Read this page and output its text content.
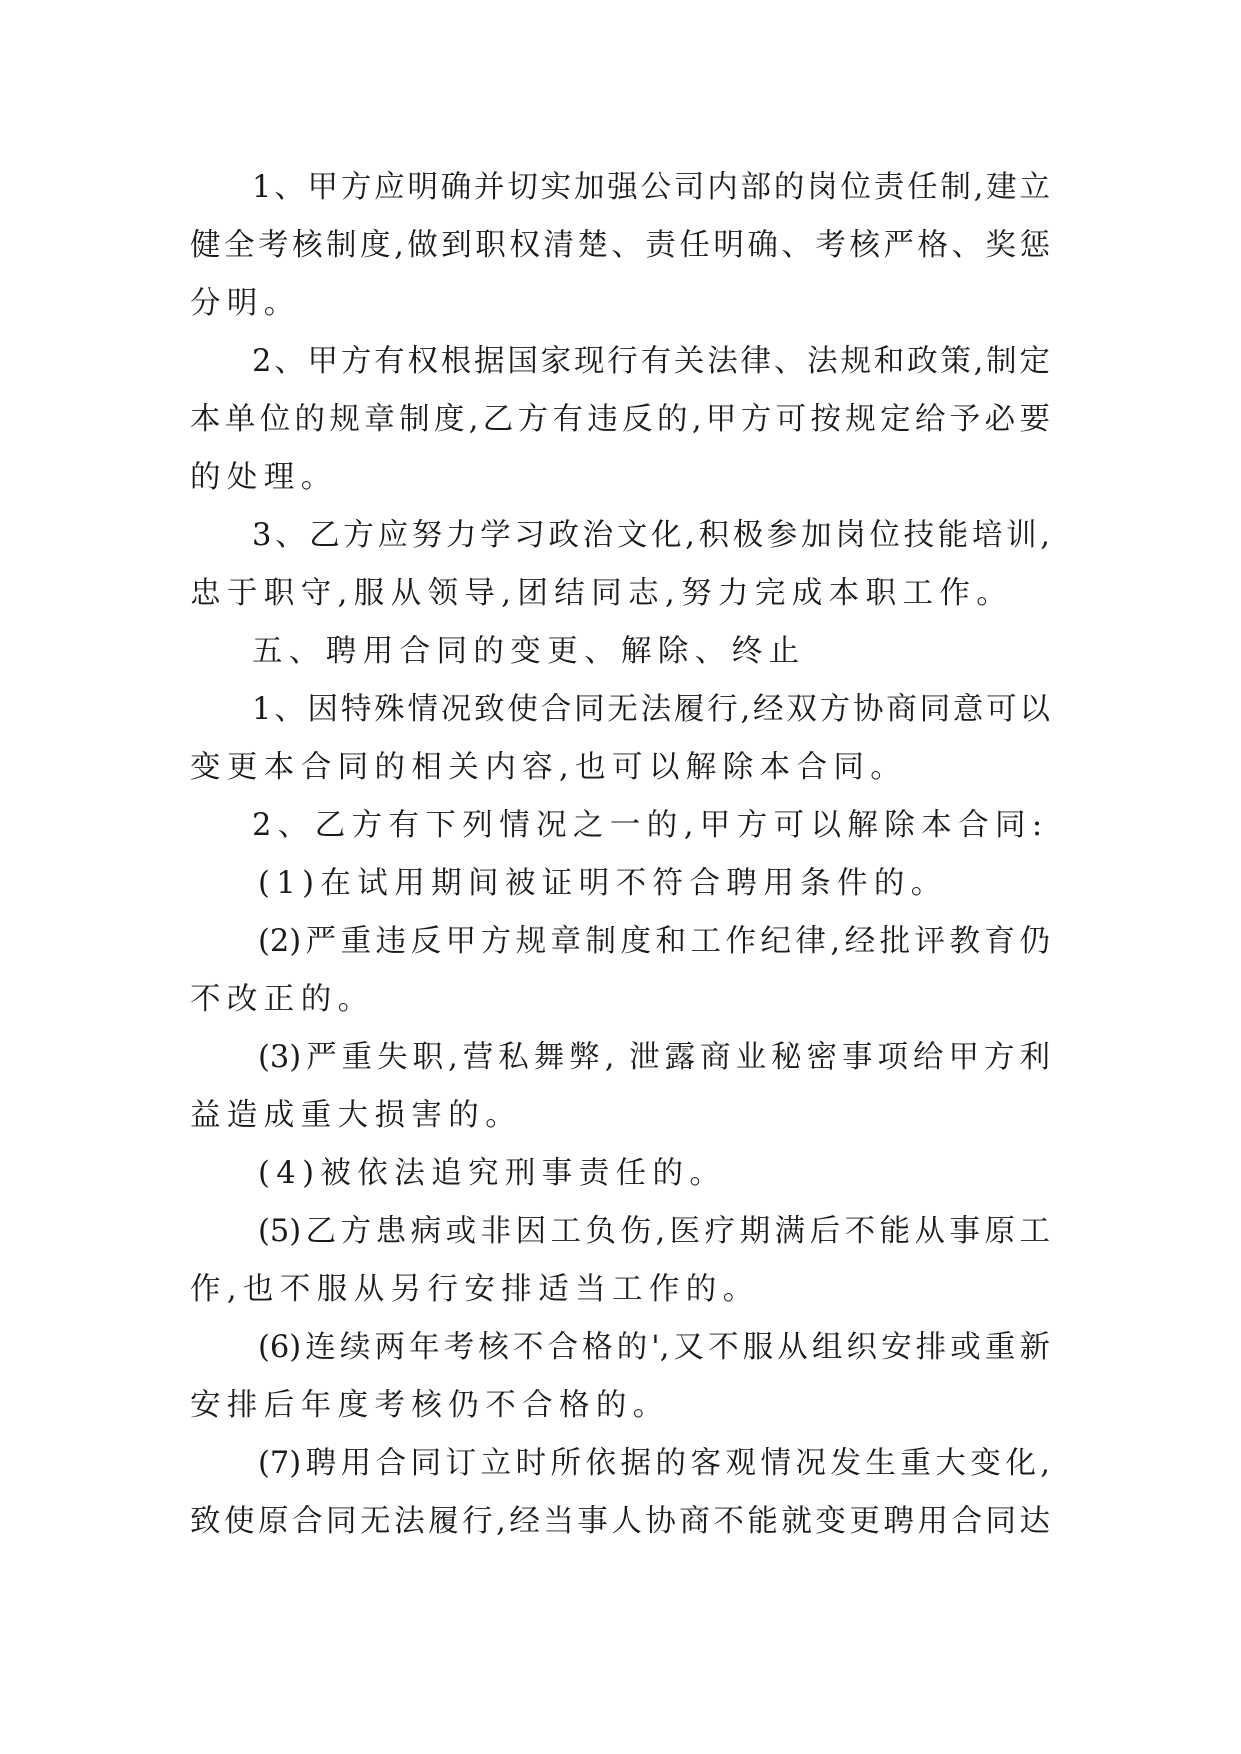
1、甲方应明确并切实加强公司内部的岗位责任制,建立
健全考核制度,做到职权清楚、责任明确、考核严格、奖惩
分明。
2、甲方有权根据国家现行有关法律、法规和政策,制定
本单位的规章制度,乙方有违反的,甲方可按规定给予必要
的处理。
3、乙方应努力学习政治文化,积极参加岗位技能培训,
忠于职守,服从领导,团结同志,努力完成本职工作。
五、聘用合同的变更、解除、终止
1、因特殊情况致使合同无法履行,经双方协商同意可以
变更本合同的相关内容,也可以解除本合同。
2、乙方有下列情况之一的,甲方可以解除本合同:
(1)在试用期间被证明不符合聘用条件的。
(2)严重违反甲方规章制度和工作纪律,经批评教育仍
不改正的。
(3)严重失职,营私舞弊, 泄露商业秘密事项给甲方利
益造成重大损害的。
(4)被依法追究刑事责任的。
(5)乙方患病或非因工负伤,医疗期满后不能从事原工
作,也不服从另行安排适当工作的。
(6)连续两年考核不合格的',又不服从组织安排或重新
安排后年度考核仍不合格的。
(7)聘用合同订立时所依据的客观情况发生重大变化,
致使原合同无法履行,经当事人协商不能就变更聘用合同达
